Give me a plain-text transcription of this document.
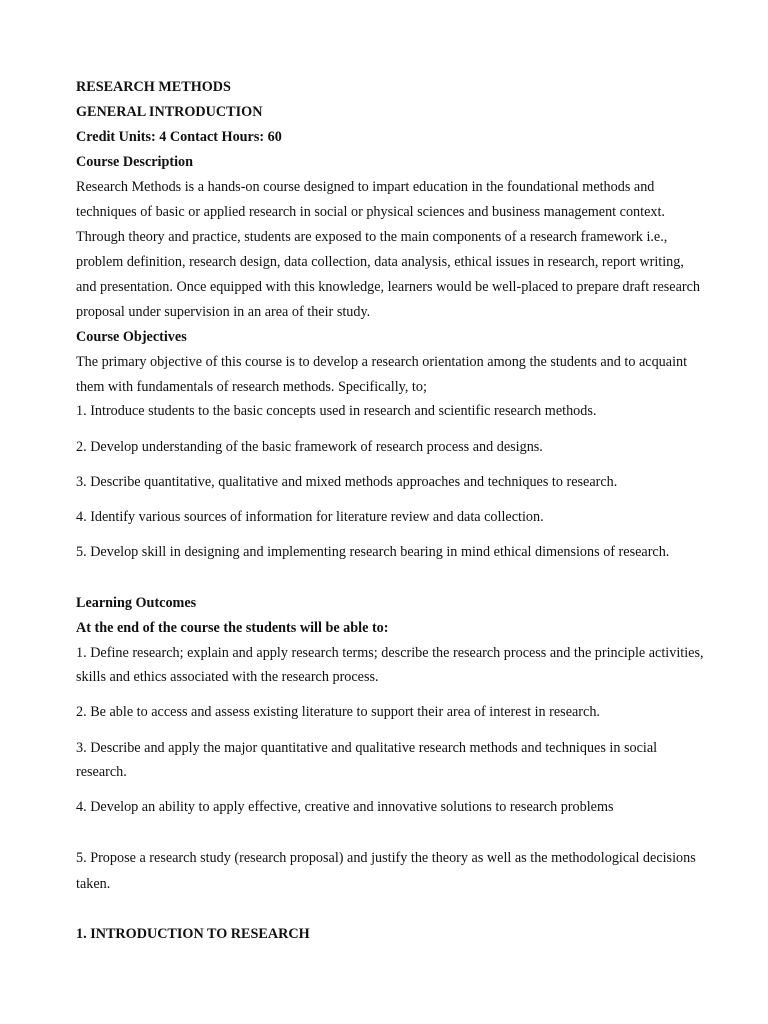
RESEARCH METHODS
GENERAL INTRODUCTION
Credit Units: 4 Contact Hours: 60
Course Description
Research Methods is a hands-on course designed to impart education in the foundational methods and
techniques of basic or applied research in social or physical sciences and business management context.
Through theory and practice, students are exposed to the main components of a research framework i.e.,
problem definition, research design, data collection, data analysis, ethical issues in research, report writing,
and presentation. Once equipped with this knowledge, learners would be well-placed to prepare draft research
proposal under supervision in an area of their study.
Course Objectives
The primary objective of this course is to develop a research orientation among the students and to acquaint
them with fundamentals of research methods. Specifically, to;
1. Introduce students to the basic concepts used in research and scientific research methods.
2. Develop understanding of the basic framework of research process and designs.
3. Describe quantitative, qualitative and mixed methods approaches and techniques to research.
4. Identify various sources of information for literature review and data collection.
5. Develop skill in designing and implementing research bearing in mind ethical dimensions of research.
Learning Outcomes
At the end of the course the students will be able to:
1. Define research; explain and apply research terms; describe the research process and the principle activities,
skills and ethics associated with the research process.
2. Be able to access and assess existing literature to support their area of interest in research.
3. Describe and apply the major quantitative and qualitative research methods and techniques in social
research.
4. Develop an ability to apply effective, creative and innovative solutions to research problems
5. Propose a research study (research proposal) and justify the theory as well as the methodological decisions
taken.
1. INTRODUCTION TO RESEARCH
